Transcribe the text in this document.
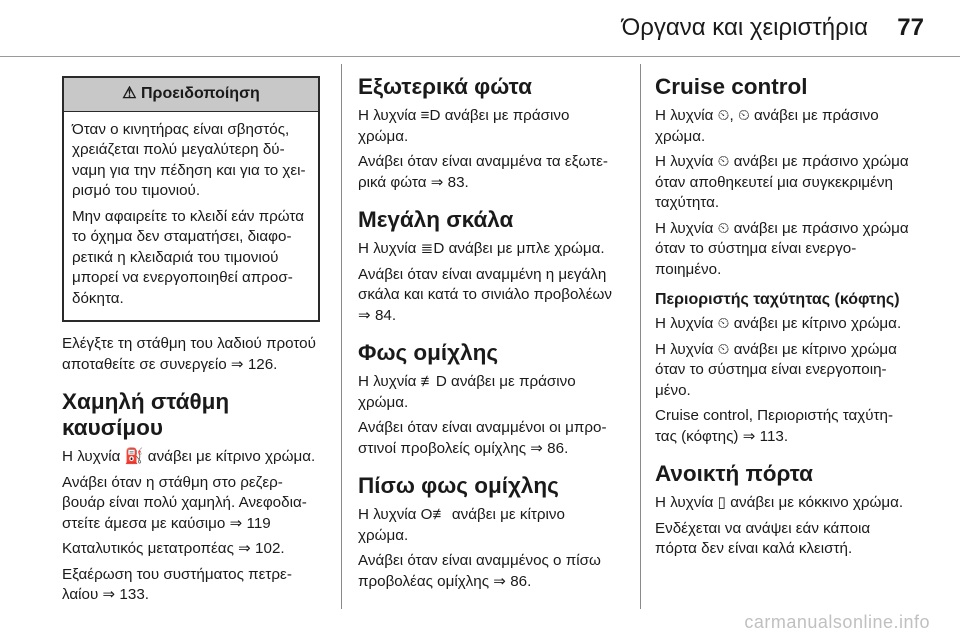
Όργανα και χειριστήρια 77
⚠ Προειδοποίηση

Όταν ο κινητήρας είναι σβηστός, χρειάζεται πολύ μεγαλύτερη δύ- ναμη για την πέδηση και για το χει- ρισμό του τιμονιού.

Μην αφαιρείτε το κλειδί εάν πρώτα το όχημα δεν σταματήσει, διαφο- ρετικά η κλειδαριά του τιμονιού μπορεί να ενεργοποιηθεί απροσ- δόκητα.

Ελέγξτε τη στάθμη του λαδιού προτού αποταθείτε σε συνεργείο ⇒ 126.

Χαμηλή στάθμη καυσίμου

Η λυχνία ⛽ ανάβει με κίτρινο χρώμα.

Ανάβει όταν η στάθμη στο ρεζερ- βουάρ είναι πολύ χαμηλή. Ανεφοδια- στείτε άμεσα με καύσιμο ⇒ 119

Καταλυτικός μετατροπέας ⇒ 102.

Εξαέρωση του συστήματος πετρε- λαίου ⇒ 133.

Εξωτερικά φώτα

Η λυχνία ≡D ανάβει με πράσινο χρώμα.

Ανάβει όταν είναι αναμμένα τα εξωτε- ρικά φώτα ⇒ 83.

Μεγάλη σκάλα

Η λυχνία ≣D ανάβει με μπλε χρώμα.

Ανάβει όταν είναι αναμμένη η μεγάλη σκάλα και κατά το σινιάλο προβολέων ⇒ 84.

Φως ομίχλης

Η λυχνία ≢D ανάβει με πράσινο χρώμα.

Ανάβει όταν είναι αναμμένοι οι μπρο- στινοί προβολείς ομίχλης ⇒ 86.

Πίσω φως ομίχλης

Η λυχνία O≢ ανάβει με κίτρινο χρώμα.

Ανάβει όταν είναι αναμμένος ο πίσω προβολέας ομίχλης ⇒ 86.

Cruise control

Η λυχνία ⏲, ⏲ ανάβει με πράσινο χρώμα.

Η λυχνία ⏲ ανάβει με πράσινο χρώμα όταν αποθηκευτεί μια συγκεκριμένη ταχύτητα.

Η λυχνία ⏲ ανάβει με πράσινο χρώμα όταν το σύστημα είναι ενεργο- ποιημένο.

Περιοριστής ταχύτητας (κόφτης)

Η λυχνία ⏲ ανάβει με κίτρινο χρώμα.

Η λυχνία ⏲ ανάβει με κίτρινο χρώμα όταν το σύστημα είναι ενεργοποιη- μένο.

Cruise control, Περιοριστής ταχύτη- τας (κόφτης) ⇒ 113.

Ανοικτή πόρτα

Η λυχνία ▯ ανάβει με κόκκινο χρώμα.

Ενδέχεται να ανάψει εάν κάποια πόρτα δεν είναι καλά κλειστή.

carmanualsonline.info
